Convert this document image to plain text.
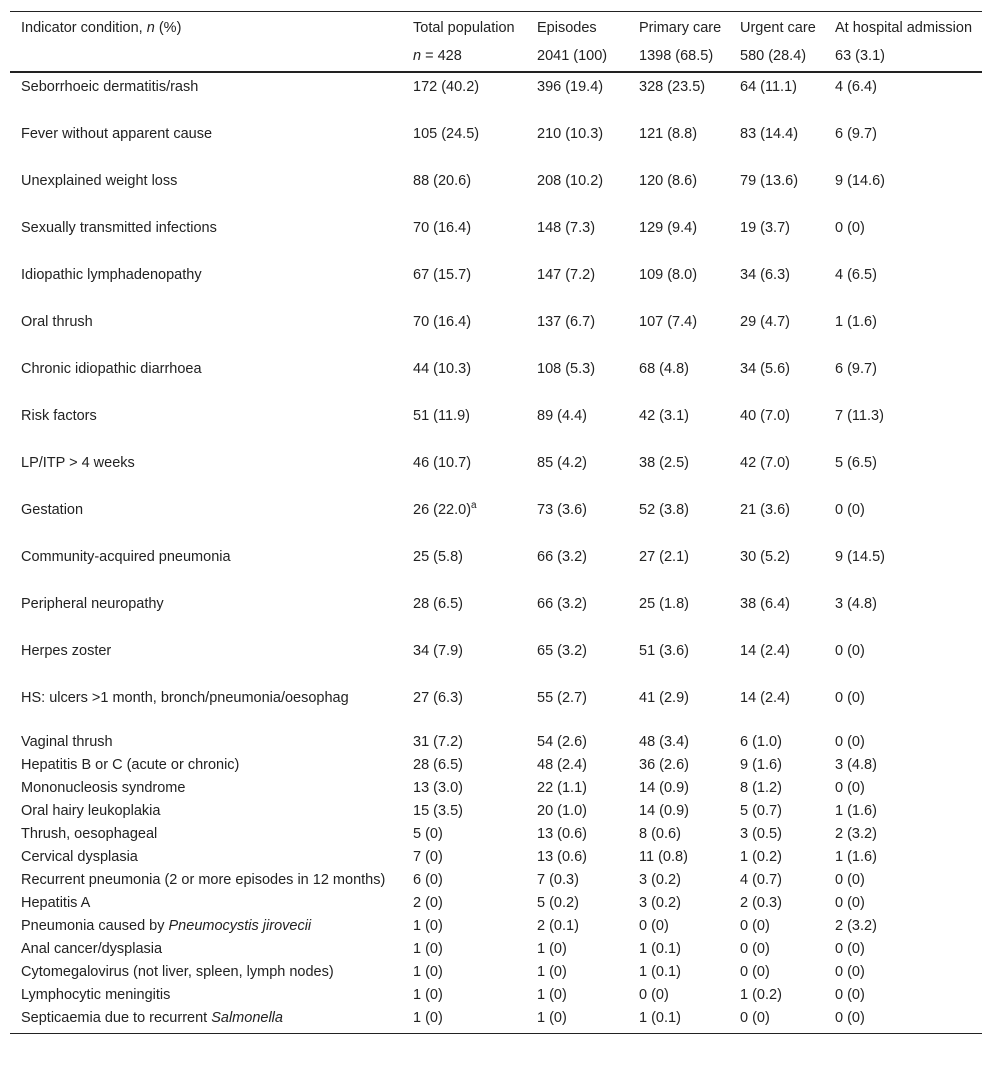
Indicator condition, n (%)	Total population	Episodes	Primary care	Urgent care	At hospital admission
	n = 428	2041 (100)	1398 (68.5)	580 (28.4)	63 (3.1)
Seborrhoeic dermatitis/rash	172 (40.2)	396 (19.4)	328 (23.5)	64 (11.1)	4 (6.4)
Fever without apparent cause	105 (24.5)	210 (10.3)	121 (8.8)	83 (14.4)	6 (9.7)
Unexplained weight loss	88 (20.6)	208 (10.2)	120 (8.6)	79 (13.6)	9 (14.6)
Sexually transmitted infections	70 (16.4)	148 (7.3)	129 (9.4)	19 (3.7)	0 (0)
Idiopathic lymphadenopathy	67 (15.7)	147 (7.2)	109 (8.0)	34 (6.3)	4 (6.5)
Oral thrush	70 (16.4)	137 (6.7)	107 (7.4)	29 (4.7)	1 (1.6)
Chronic idiopathic diarrhoea	44 (10.3)	108 (5.3)	68 (4.8)	34 (5.6)	6 (9.7)
Risk factors	51 (11.9)	89 (4.4)	42 (3.1)	40 (7.0)	7 (11.3)
LP/ITP > 4 weeks	46 (10.7)	85 (4.2)	38 (2.5)	42 (7.0)	5 (6.5)
Gestation	26 $(22.0)^a$	73 (3.6)	52 (3.8)	21 (3.6)	0 (0)
Community-acquired pneumonia	25 (5.8)	66 (3.2)	27 (2.1)	30 (5.2)	9 (14.5)
Peripheral neuropathy	28 (6.5)	66 (3.2)	25 (1.8)	38 (6.4)	3 (4.8)
Herpes zoster	34 (7.9)	65 (3.2)	51 (3.6)	14 (2.4)	0 (0)
HS: ulcers >1 month, bronch/pneumonia/oesophag	27 (6.3)	55 (2.7)	41 (2.9)	14 (2.4)	0 (0)
Vaginal thrush	31 (7.2)	54 (2.6)	48 (3.4)	6 (1.0)	0 (0)
Hepatitis B or C (acute or chronic)	28 (6.5)	48 (2.4)	36 (2.6)	9 (1.6)	3 (4.8)
Mononucleosis syndrome	13 (3.0)	22 (1.1)	14 (0.9)	8 (1.2)	0 (0)
Oral hairy leukoplakia	15 (3.5)	20 (1.0)	14 (0.9)	5 (0.7)	1 (1.6)
Thrush, oesophageal	5 (0)	13 (0.6)	8 (0.6)	3 (0.5)	2 (3.2)
Cervical dysplasia	7 (0)	13 (0.6)	11 (0.8)	1 (0.2)	1 (1.6)
Recurrent pneumonia (2 or more episodes in 12 months)	6 (0)	7 (0.3)	3 (0.2)	4 (0.7)	0 (0)
Hepatitis A	2 (0)	5 (0.2)	3 (0.2)	2 (0.3)	0 (0)
Pneumonia caused by Pneumocystis jirovecii	1 (0)	2 (0.1)	0 (0)	0 (0)	2 (3.2)
Anal cancer/dysplasia	1 (0)	1 (0)	1 (0.1)	0 (0)	0 (0)
Cytomegalovirus (not liver, spleen, lymph nodes)	1 (0)	1 (0)	1 (0.1)	0 (0)	0 (0)
Lymphocytic meningitis	1 (0)	1 (0)	0 (0)	1 (0.2)	0 (0)
Septicaemia due to recurrent Salmonella	1 (0)	1 (0)	1 (0.1)	0 (0)	0 (0)
